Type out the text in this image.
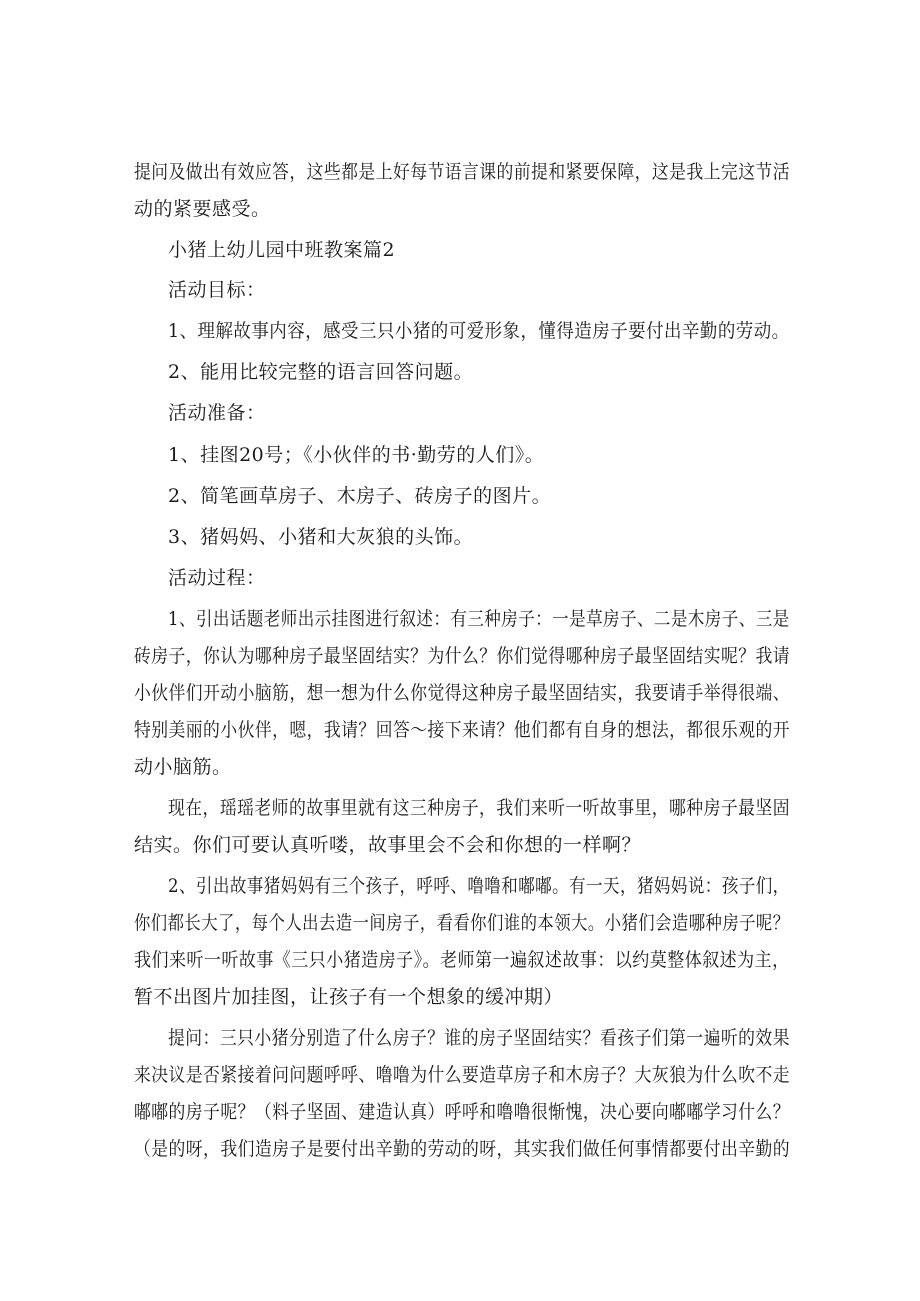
提问及做出有效应答，这些都是上好每节语言课的前提和紧要保障，这是我上完这节活
动的紧要感受。
小猪上幼儿园中班教案篇2
活动目标：
1、理解故事内容，感受三只小猪的可爱形象，懂得造房子要付出辛勤的劳动。
2、能用比较完整的语言回答问题。
活动准备：
1、挂图20号；《小伙伴的书·勤劳的人们》。
2、简笔画草房子、木房子、砖房子的图片。
3、猪妈妈、小猪和大灰狼的头饰。
活动过程：
1、引出话题老师出示挂图进行叙述：有三种房子：一是草房子、二是木房子、三是
砖房子，你认为哪种房子最坚固结实？为什么？你们觉得哪种房子最坚固结实呢？我请
小伙伴们开动小脑筋，想一想为什么你觉得这种房子最坚固结实，我要请手举得很端、
特别美丽的小伙伴，嗯，我请？回答～接下来请？他们都有自身的想法，都很乐观的开
动小脑筋。
现在，瑶瑶老师的故事里就有这三种房子，我们来听一听故事里，哪种房子最坚固
结实。你们可要认真听喽，故事里会不会和你想的一样啊？
2、引出故事猪妈妈有三个孩子，呼呼、噜噜和嘟嘟。有一天，猪妈妈说：孩子们，
你们都长大了，每个人出去造一间房子，看看你们谁的本领大。小猪们会造哪种房子呢？
我们来听一听故事《三只小猪造房子》。老师第一遍叙述故事：以约莫整体叙述为主，
暂不出图片加挂图，让孩子有一个想象的缓冲期）
提问：三只小猪分别造了什么房子？谁的房子坚固结实？看孩子们第一遍听的效果
来决议是否紧接着问问题呼呼、噜噜为什么要造草房子和木房子？大灰狼为什么吹不走
嘟嘟的房子呢？（料子坚固、建造认真）呼呼和噜噜很惭愧，决心要向嘟嘟学习什么？
（是的呀，我们造房子是要付出辛勤的劳动的呀，其实我们做任何事情都要付出辛勤的
